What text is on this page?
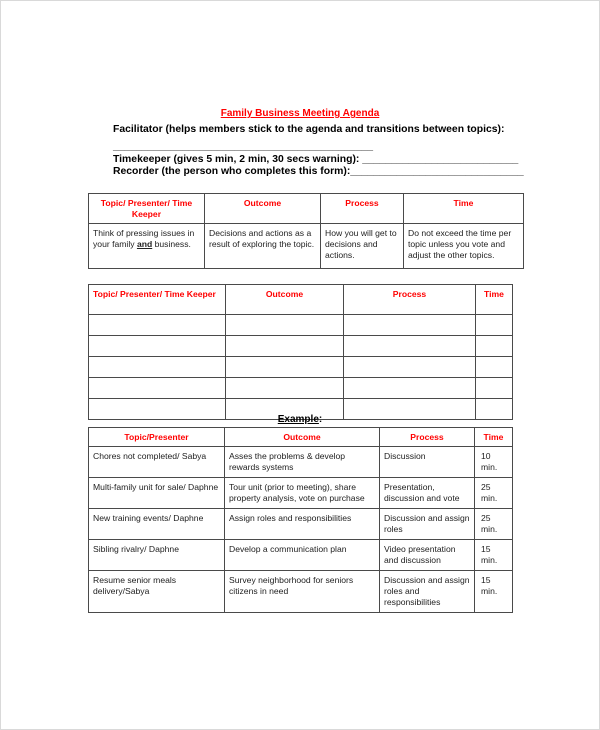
Family Business Meeting Agenda
Facilitator (helps members stick to the agenda and transitions between topics):
_____________________________________________
Timekeeper (gives 5 min, 2 min, 30 secs warning): ___________________________
Recorder (the person who completes this form):______________________________
Topic/ Presenter/ Time Keeper	Outcome	Process	Time
Think of pressing issues in your family and business.	Decisions and actions as a result of exploring the topic.	How you will get to decisions and actions.	Do not exceed the time per topic unless you vote and adjust the other topics.
Topic/ Presenter/ Time Keeper	Outcome	Process	Time

Example:
Topic/Presenter	Outcome	Process	Time
Chores not completed/ Sabya	Asses the problems & develop rewards systems	Discussion	10 min.
Multi-family unit for sale/ Daphne	Tour unit (prior to meeting), share property analysis, vote on purchase	Presentation, discussion and vote	25 min.
New training events/ Daphne	Assign roles and responsibilities	Discussion and assign roles	25 min.
Sibling rivalry/ Daphne	Develop a communication plan	Video presentation and discussion	15 min.
Resume senior meals delivery/Sabya	Survey neighborhood for seniors citizens in need	Discussion and assign roles and responsibilities	15 min.
